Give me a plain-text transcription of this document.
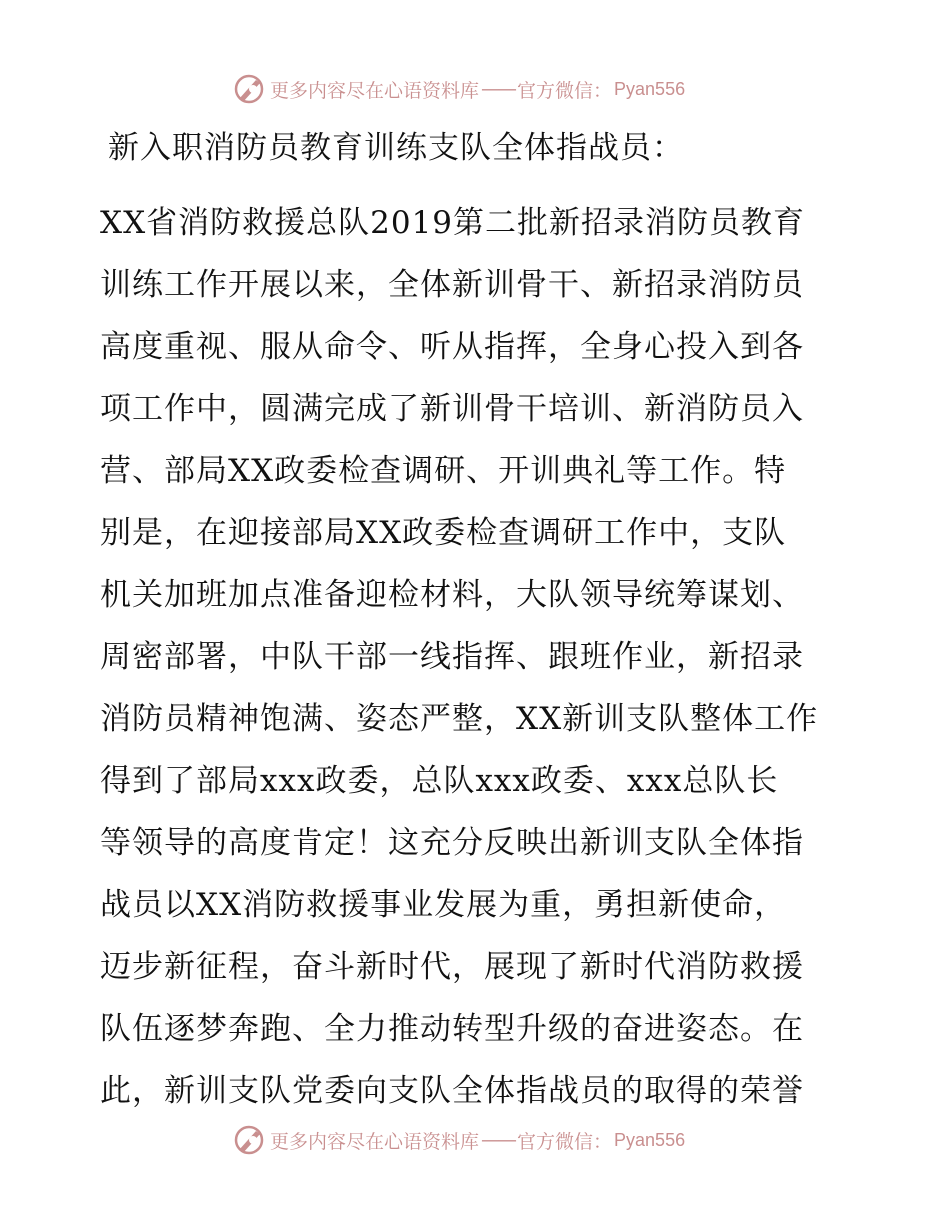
更多内容尽在心语资料库 —— 官方微信： Pyan556
新入职消防员教育训练支队全体指战员：
XX省消防救援总队2019第二批新招录消防员教育
训练工作开展以来，全体新训骨干、新招录消防员
高度重视、服从命令、听从指挥，全身心投入到各
项工作中，圆满完成了新训骨干培训、新消防员入
营、部局XX政委检查调研、开训典礼等工作。特
别是，在迎接部局XX政委检查调研工作中，支队
机关加班加点准备迎检材料，大队领导统筹谋划、
周密部署，中队干部一线指挥、跟班作业，新招录
消防员精神饱满、姿态严整，XX新训支队整体工作
得到了部局xxx政委，总队xxx政委、xxx总队长
等领导的高度肯定！这充分反映出新训支队全体指
战员以XX消防救援事业发展为重，勇担新使命，
迈步新征程，奋斗新时代，展现了新时代消防救援
队伍逐梦奔跑、全力推动转型升级的奋进姿态。在
此，新训支队党委向支队全体指战员的取得的荣誉
更多内容尽在心语资料库 —— 官方微信： Pyan556
